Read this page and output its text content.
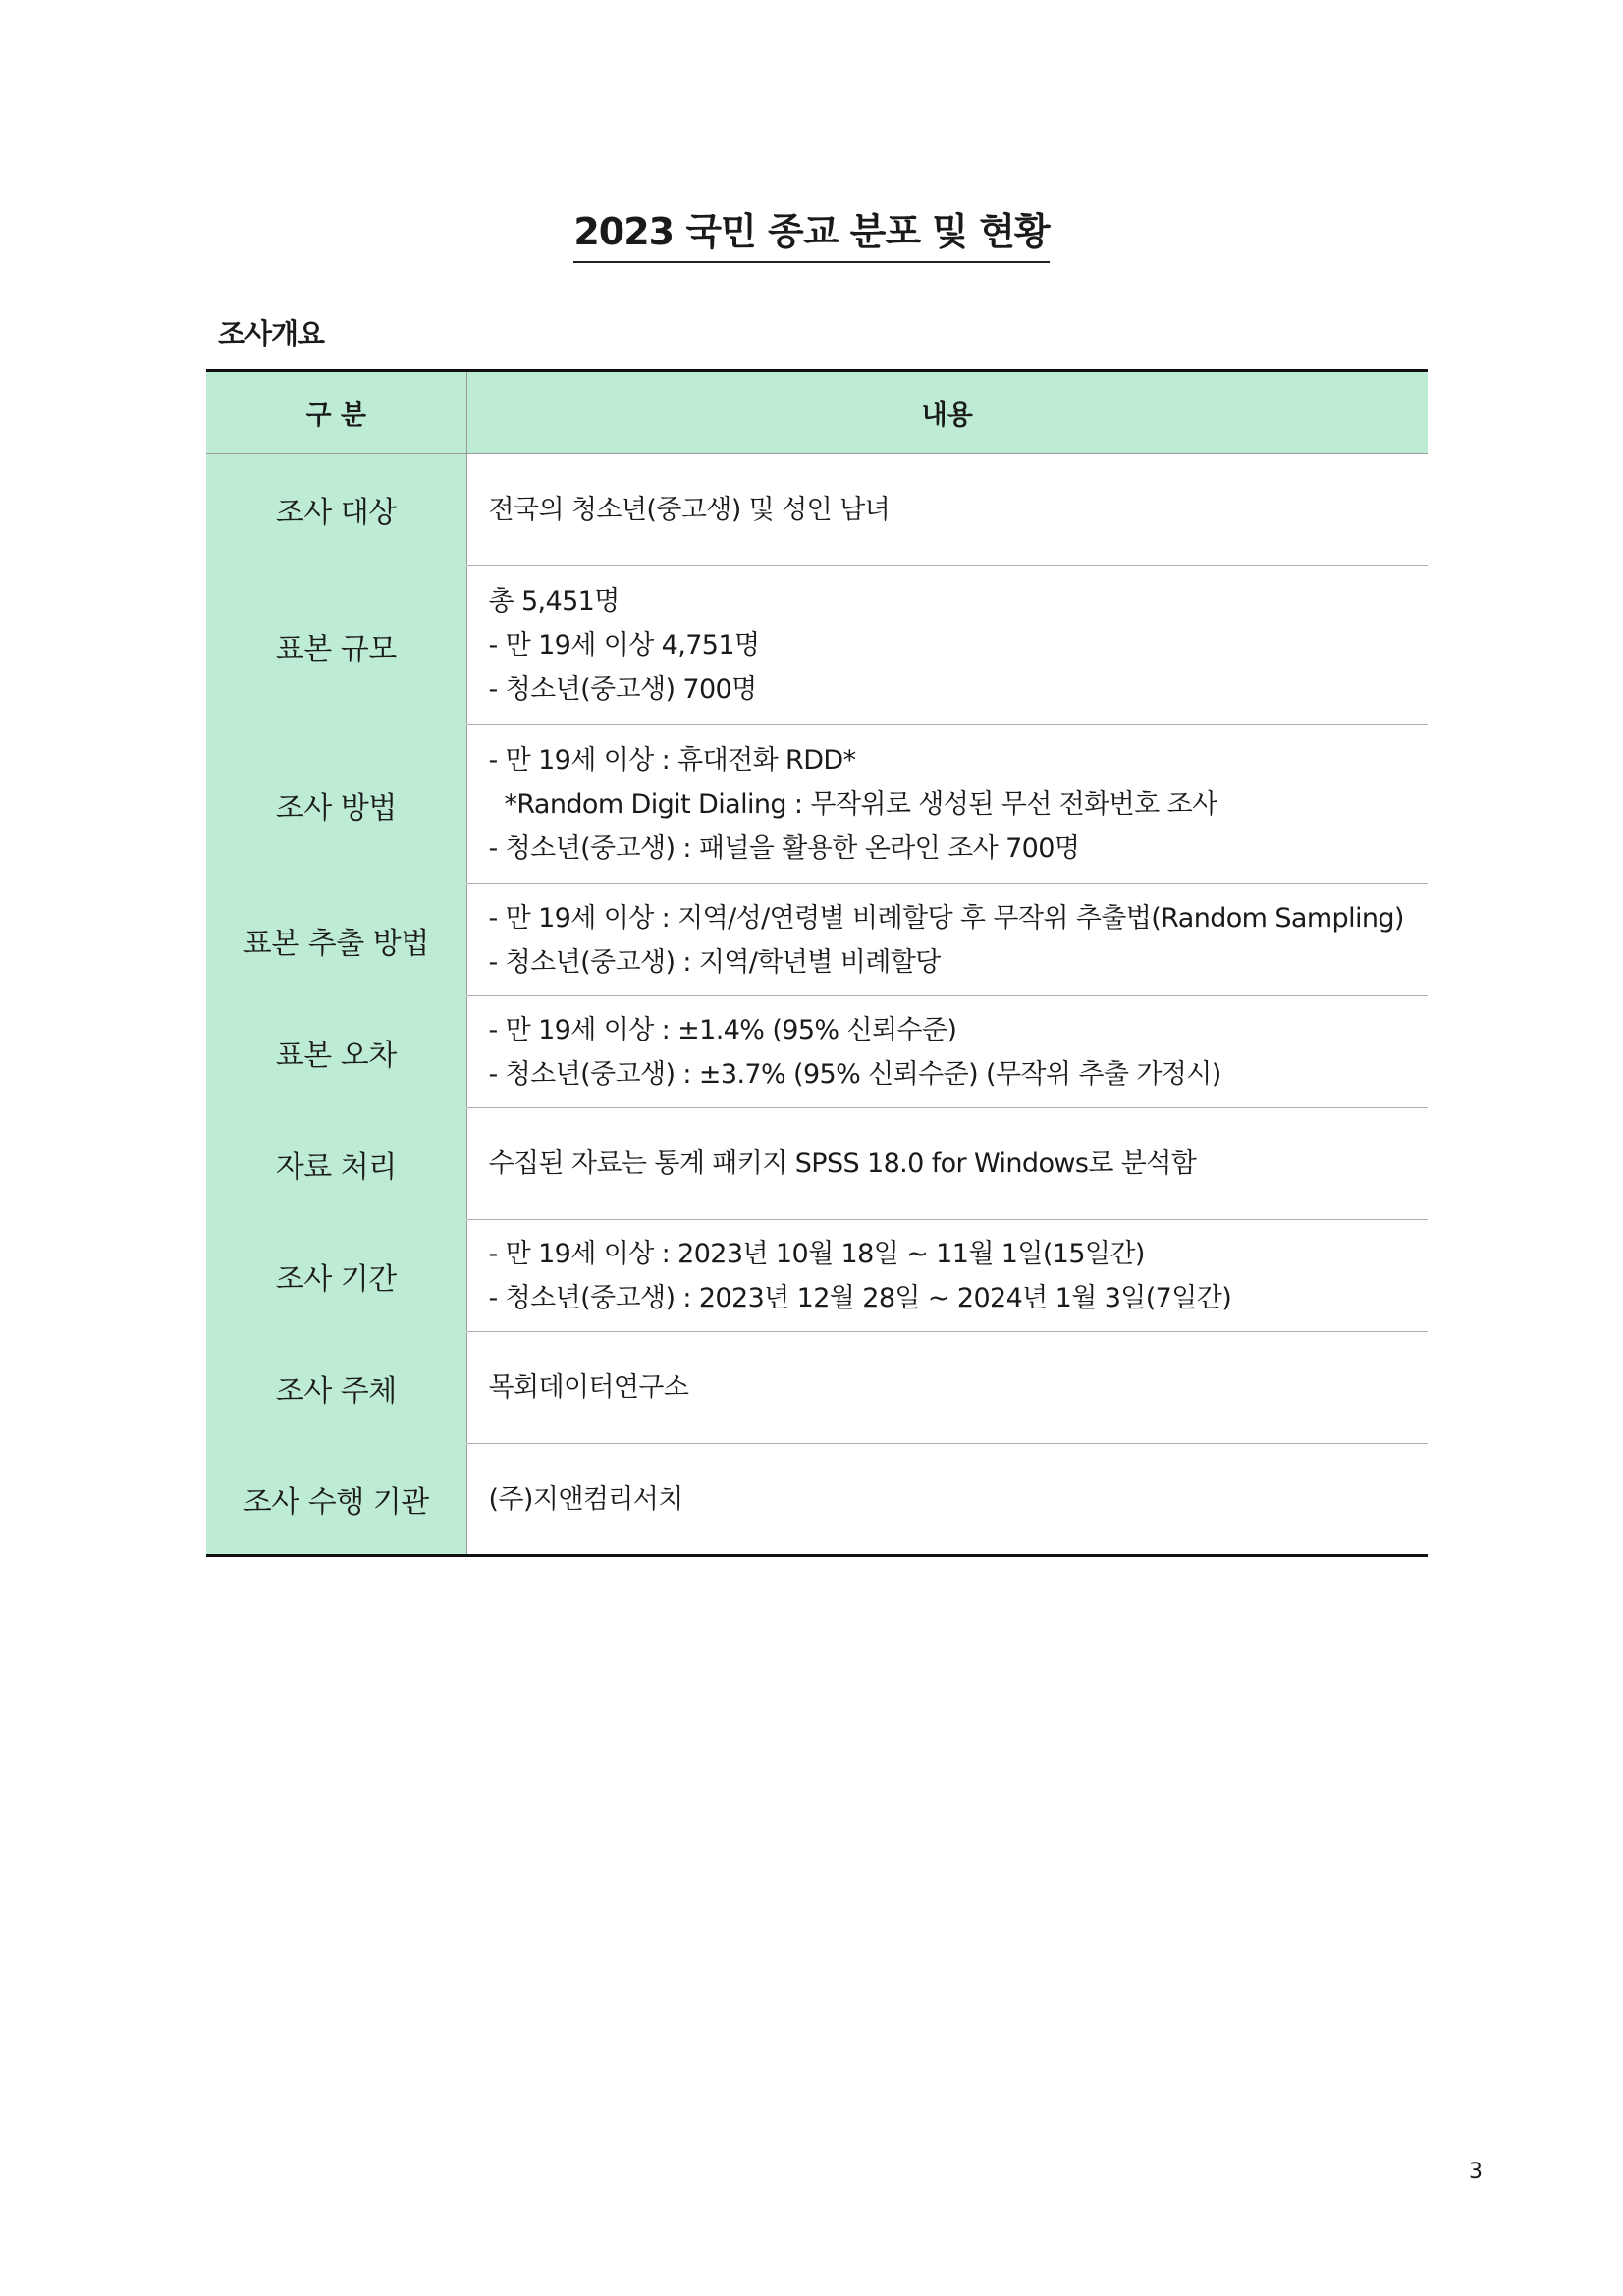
2023 국민 종교 분포 및 현황
조사개요
구 분	내용
조사 대상	전국의 청소년(중고생) 및 성인 남녀

표본 규모	총 5,451명
- 만 19세 이상 4,751명
- 청소년(중고생) 700명

조사 방법	- 만 19세 이상 : 휴대전화 RDD*
*Random Digit Dialing : 무작위로 생성된 무선 전화번호 조사
- 청소년(중고생) : 패널을 활용한 온라인 조사 700명

표본 추출 방법	- 만 19세 이상 : 지역/성/연령별 비례할당 후 무작위 추출법(Random Sampling)
- 청소년(중고생) : 지역/학년별 비례할당

표본 오차	- 만 19세 이상 : ±1.4% (95% 신뢰수준)
- 청소년(중고생) : ±3.7% (95% 신뢰수준) (무작위 추출 가정시)

자료 처리	수집된 자료는 통계 패키지 SPSS 18.0 for Windows로 분석함

조사 기간	- 만 19세 이상 : 2023년 10월 18일 ~ 11월 1일(15일간)
- 청소년(중고생) : 2023년 12월 28일 ~ 2024년 1월 3일(7일간)

조사 주체	목회데이터연구소

조사 수행 기관	(주)지앤컴리서치
3
